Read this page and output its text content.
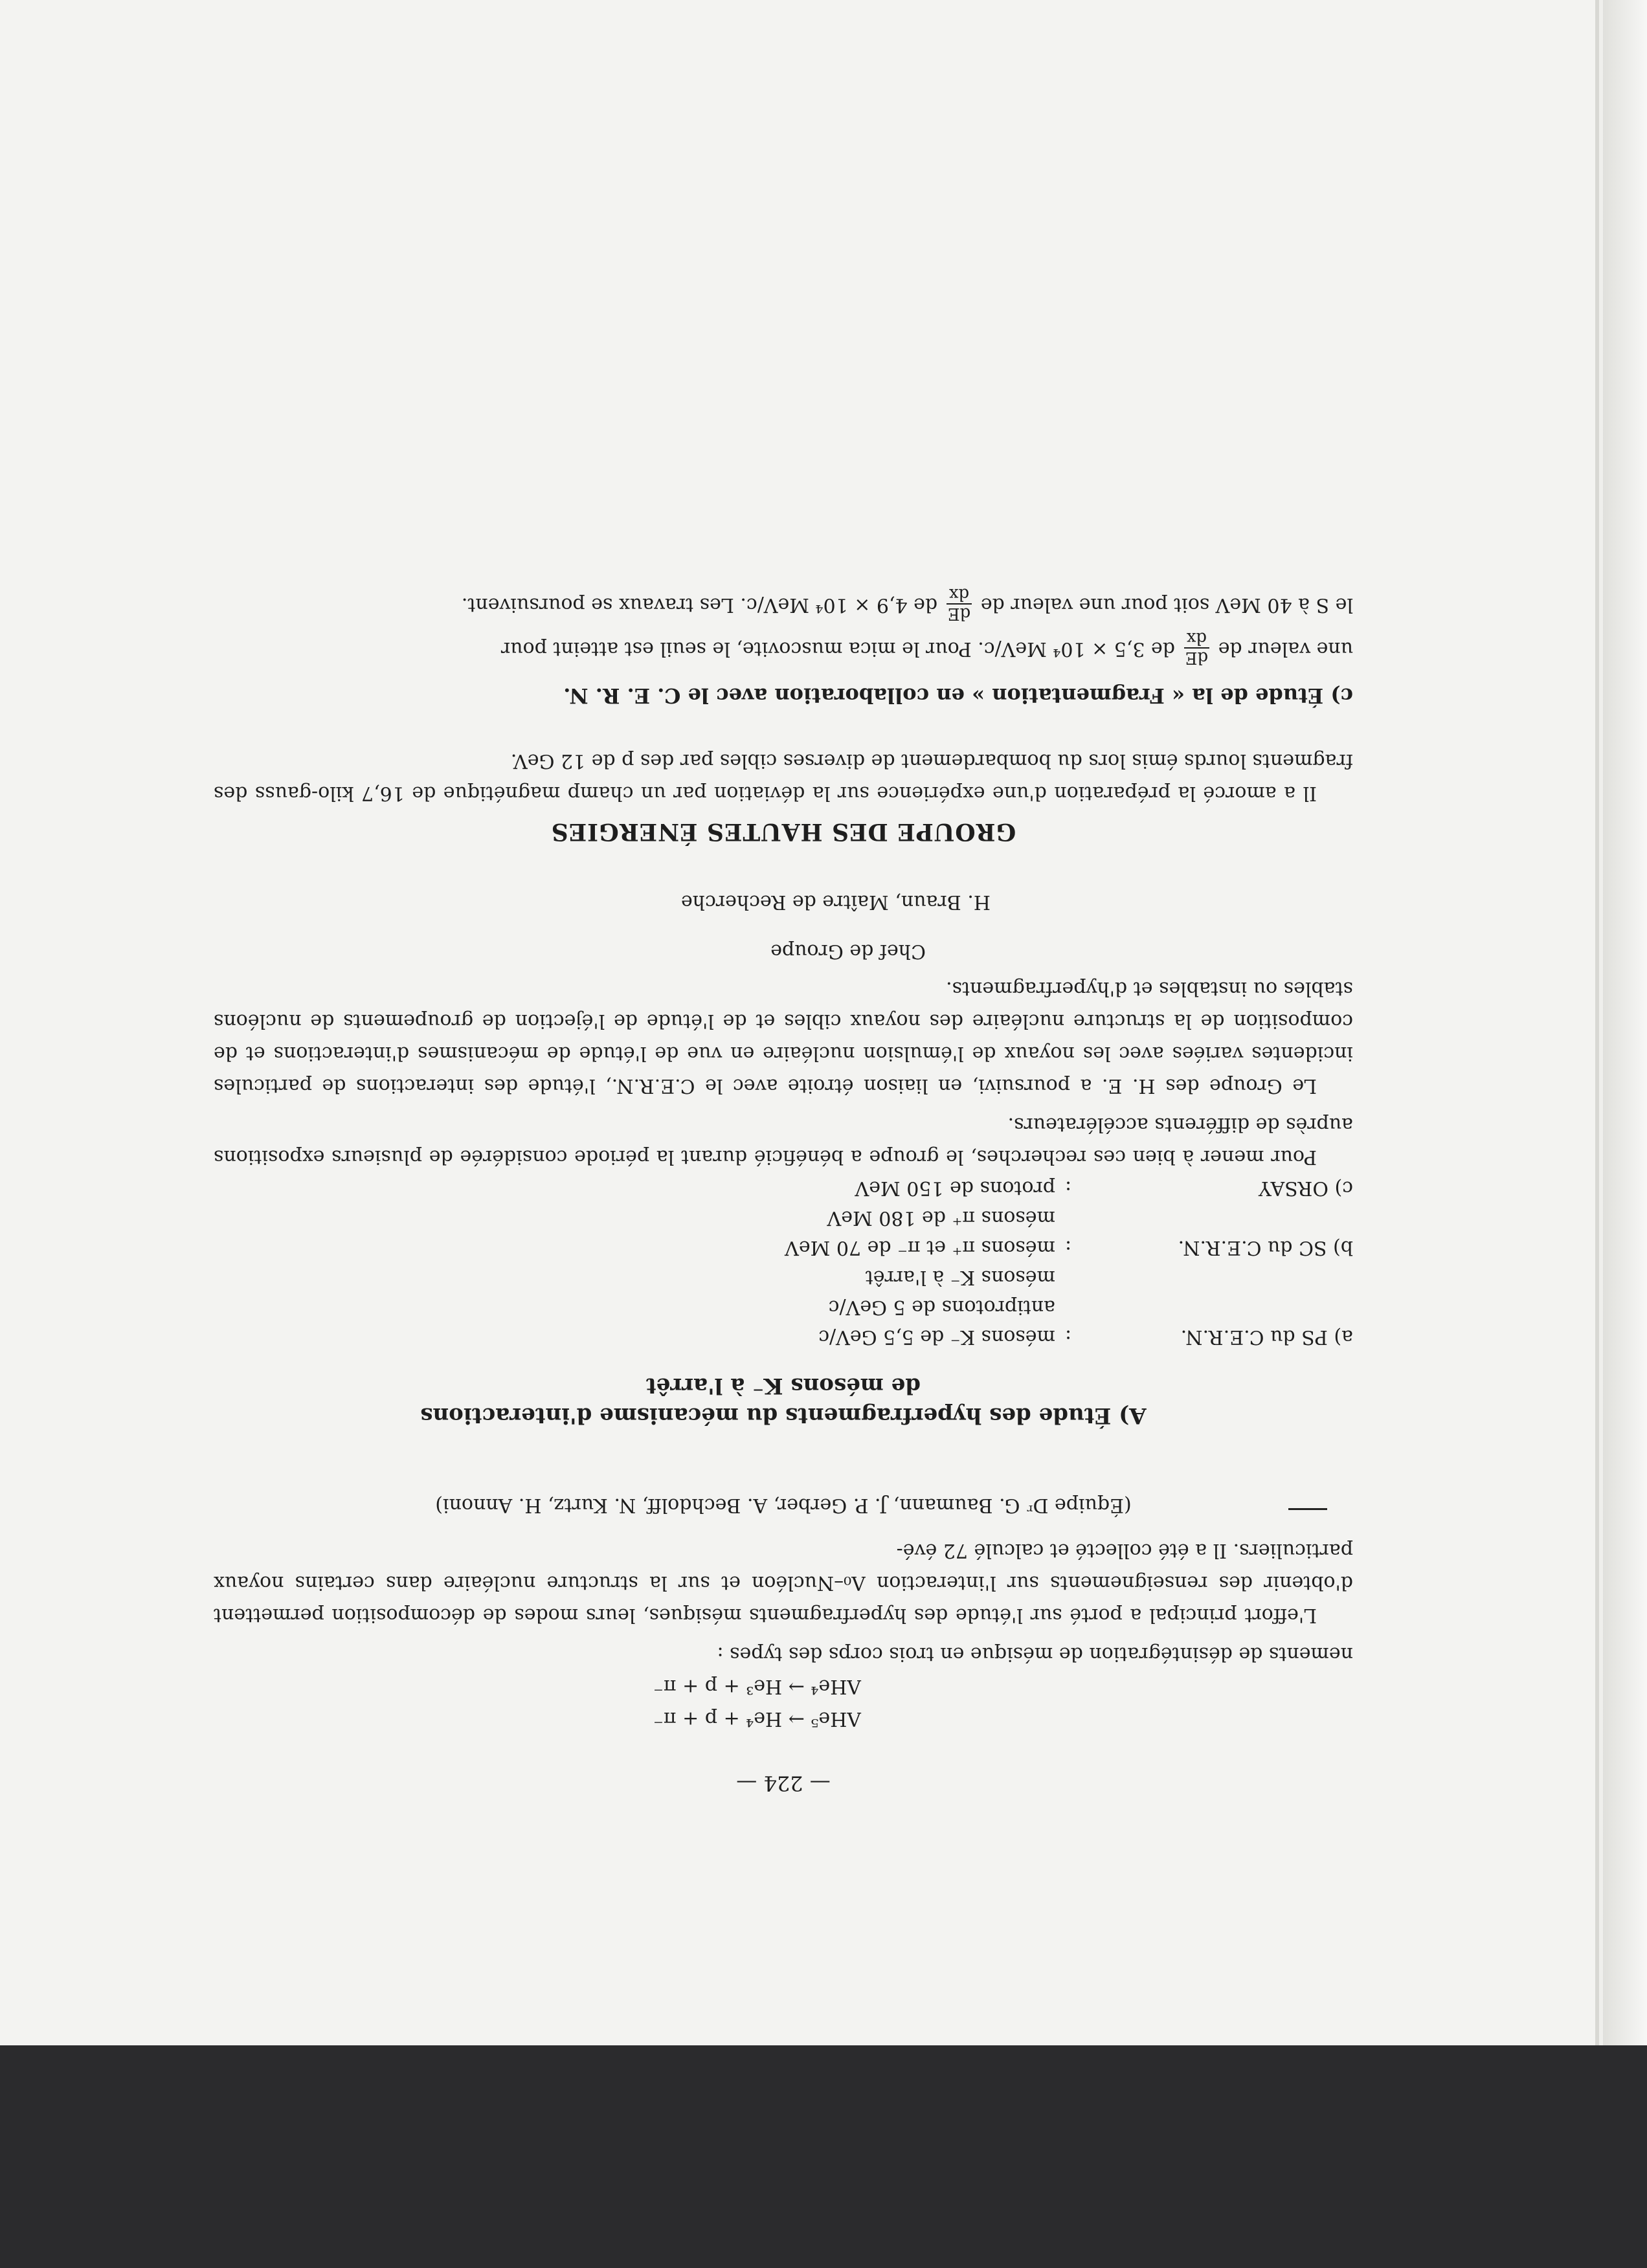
— 224 —

ΛHe⁵ → He⁴ + p + π⁻

ΛHe⁴ → He³ + p + π⁻

nements de désintégration de mésique en trois corps des types :

une valeur de
dE
dx
de 3,5 × 10⁴ MeV/c. Pour le mica muscovite, le seuil est atteint pour

le S à 40 MeV soit pour une valeur de
dE
dx
de 4,9 × 10⁴ MeV/c. Les travaux se poursuivent.

c) Étude de la « Fragmentation » en collaboration avec le C. E. R. N.

Il a amorcé la préparation d'une expérience sur la déviation par un champ magnétique de 16,7 kilo-gauss des fragments lourds émis lors du bombardement de diverses cibles par des p de 12 GeV.

GROUPE DES HAUTES ÉNERGIES

H. Braun, Maître de Recherche

Chef de Groupe

Le Groupe des H. E. a poursuivi, en liaison étroite avec le C.E.R.N., l'étude des interactions de particules incidentes variées avec les noyaux de l'émulsion nucléaire en vue de l'étude de mécanismes d'interactions et de composition de la structure nucléaire des noyaux cibles et de l'étude de l'éjection de groupements de nucléons stables ou instables et d'hyperfragments.

Pour mener à bien ces recherches, le groupe a bénéficié durant la période considérée de plusieurs expositions auprès de différents accélérateurs.

a) PS du C.E.R.N.	:	mésons K⁻ de 5,5 GeV/c
antiprotons de 5 GeV/c
mésons K⁻ à l'arrêt

b) SC du C.E.R.N.	:	mésons π⁺ et π⁻ de 70 MeV
mésons π⁺ de 180 MeV

c) ORSAY	:	protons de 150 MeV
A) Étude des hyperfragments du mécanisme d'interactions
de mésons K⁻ à l'arrêt

(Équipe Dʳ G. Baumann, J. P. Gerber, A. Bechdolff, N. Kurtz, H. Annoni)

L'effort principal a porté sur l'étude des hyperfragments mésiques, leurs modes de décomposition permettent d'obtenir des renseignements sur l'interaction Λ₀–Nucléon et sur la structure nucléaire dans certains noyaux particuliers. Il a été collecté et calculé 72 évé-
